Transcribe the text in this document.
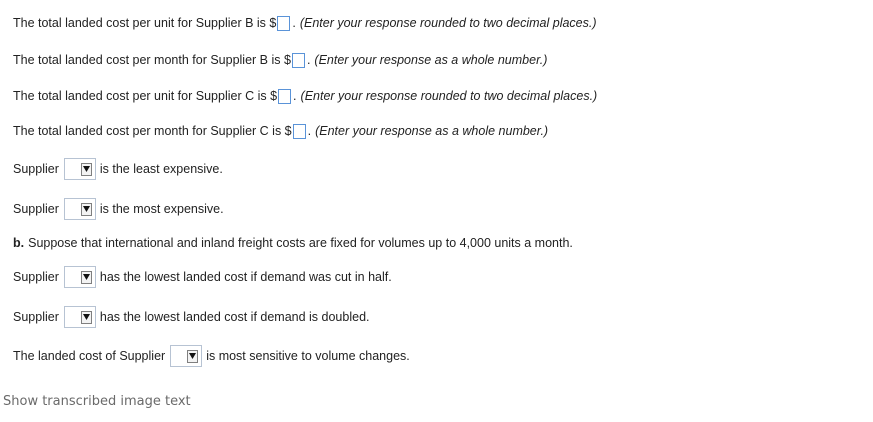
The total landed cost per unit for Supplier B is $ . (Enter your response rounded to two decimal places.)
The total landed cost per month for Supplier B is $ . (Enter your response as a whole number.)
The total landed cost per unit for Supplier C is $ . (Enter your response rounded to two decimal places.)
The total landed cost per month for Supplier C is $ . (Enter your response as a whole number.)
Supplier	is the least expensive.
Supplier	is the most expensive.
b. Suppose that international and inland freight costs are fixed for volumes up to 4,000 units a month.
Supplier	has the lowest landed cost if demand was cut in half.
Supplier	has the lowest landed cost if demand is doubled.
The landed cost of Supplier	is most sensitive to volume changes.
Show transcribed image text
